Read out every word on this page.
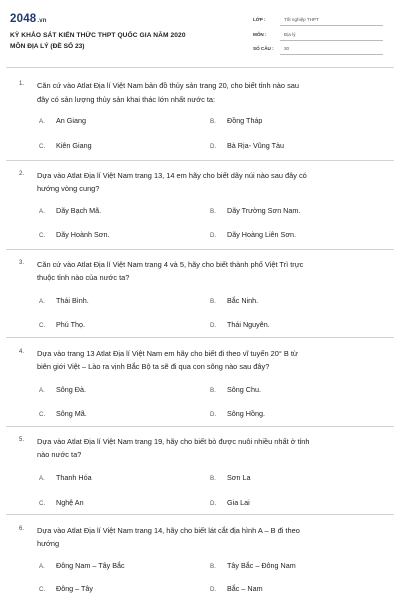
2048.vn
KỲ KHẢO SÁT KIẾN THỨC THPT QUỐC GIA NĂM 2020
MÔN ĐỊA LÝ (ĐỀ SỐ 23)
LỚP :	Tốt nghiệp THPT
MÔN :	Địa lý
SỐ CÂU : 30
1. Căn cứ vào Atlat Địa lí Việt Nam bản đồ thủy sản trang 20, cho biết tỉnh nào sau
đây có sản lượng thủy sản khai thác lớn nhất nước ta:
A. An Giang	B. Đồng Tháp
C. Kiên Giang	D. Bà Rịa- Vũng Tàu
2. Dựa vào Atlat Địa lí Việt Nam trang 13, 14 em hãy cho biết dãy núi nào sau đây có
hướng vòng cung?
A. Dãy Bạch Mã.	B. Dãy Trường Sơn Nam.
C. Dãy Hoành Sơn.	D. Dãy Hoàng Liên Sơn.
3. Căn cứ vào Atlat Địa lí Việt Nam trang 4 và 5, hãy cho biết thành phố Việt Trì trực
thuộc tỉnh nào của nước ta?
A. Thái Bình.	B. Bắc Ninh.
C. Phú Thọ.	D. Thái Nguyên.
4. Dựa vào trang 13 Atlat Địa lí Việt Nam em hãy cho biết đi theo vĩ tuyến 20° B từ
biên giới Việt – Lào ra vịnh Bắc Bộ ta sẽ đi qua con sông nào sau đây?
A. Sông Đà.	B. Sông Chu.
C. Sông Mã.	D. Sông Hồng.
5. Dựa vào Atlat Địa lí Việt Nam trang 19, hãy cho biết bò được nuôi nhiều nhất ở tỉnh
nào nước ta?
A. Thanh Hóa	B. Sơn La
C. Nghệ An	D. Gia Lai
6. Dựa vào Atlat Địa lí Việt Nam trang 14, hãy cho biết lát cắt địa hình A – B đi theo
hướng
A. Đông Nam – Tây Bắc	B. Tây Bắc – Đông Nam
C. Đông – Tây	D. Bắc – Nam
